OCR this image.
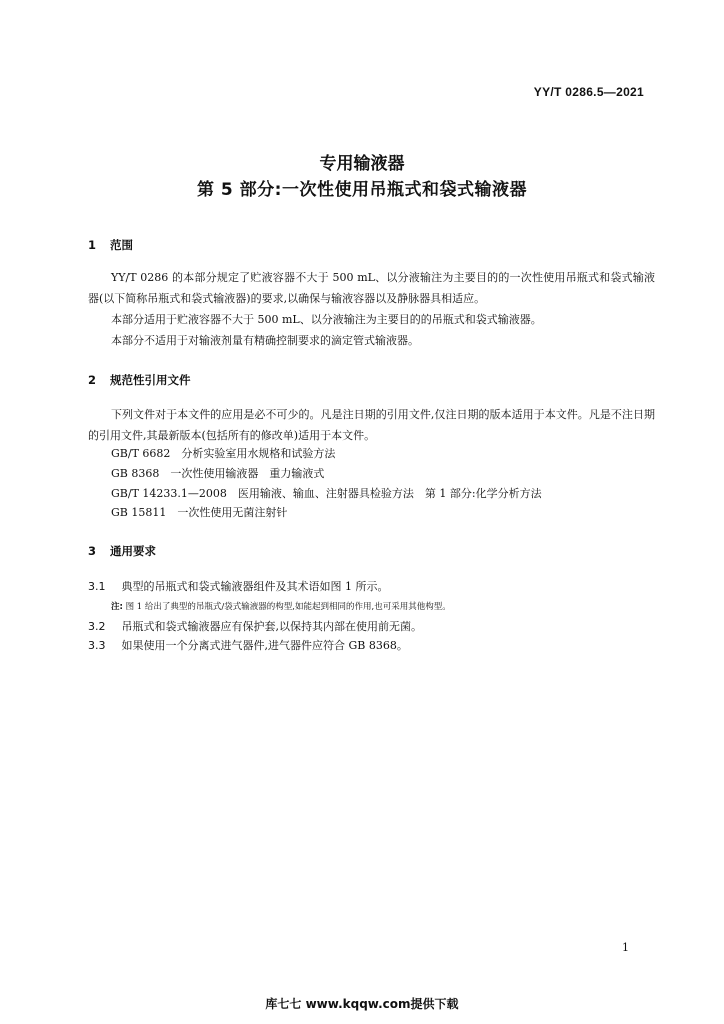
YY/T 0286.5—2021
专用输液器
第 5 部分:一次性使用吊瓶式和袋式输液器
1 范围
YY/T 0286 的本部分规定了贮液容器不大于 500 mL、以分液输注为主要目的的一次性使用吊瓶式和袋式输液器(以下简称吊瓶式和袋式输液器)的要求,以确保与输液容器以及静脉器具相适应。
本部分适用于贮液容器不大于 500 mL、以分液输注为主要目的的吊瓶式和袋式输液器。
本部分不适用于对输液剂量有精确控制要求的滴定管式输液器。
2 规范性引用文件
下列文件对于本文件的应用是必不可少的。凡是注日期的引用文件,仅注日期的版本适用于本文件。凡是不注日期的引用文件,其最新版本(包括所有的修改单)适用于本文件。
GB/T 6682　分析实验室用水规格和试验方法
GB 8368　一次性使用输液器　重力输液式
GB/T 14233.1—2008　医用输液、输血、注射器具检验方法　第 1 部分:化学分析方法
GB 15811　一次性使用无菌注射针
3 通用要求
3.1 典型的吊瓶式和袋式输液器组件及其术语如图 1 所示。
注: 图 1 给出了典型的吊瓶式/袋式输液器的构型,如能起到相同的作用,也可采用其他构型。
3.2 吊瓶式和袋式输液器应有保护套,以保持其内部在使用前无菌。
3.3 如果使用一个分离式进气器件,进气器件应符合 GB 8368。
1
库七七 www.kqqw.com提供下载
